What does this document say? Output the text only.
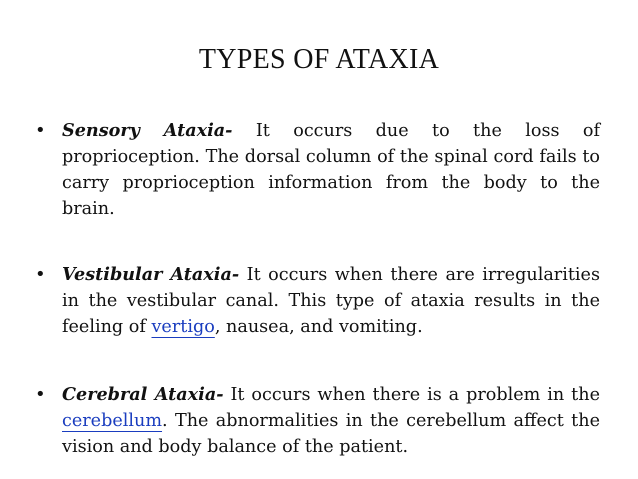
TYPES OF ATAXIA
• Sensory Ataxia- It occurs due to the loss of proprioception. The dorsal column of the spinal cord fails to carry proprioception information from the body to the brain.
• Vestibular Ataxia- It occurs when there are irregularities in the vestibular canal. This type of ataxia results in the feeling of vertigo, nausea, and vomiting.
• Cerebral Ataxia- It occurs when there is a problem in the cerebellum. The abnormalities in the cerebellum affect the vision and body balance of the patient.
